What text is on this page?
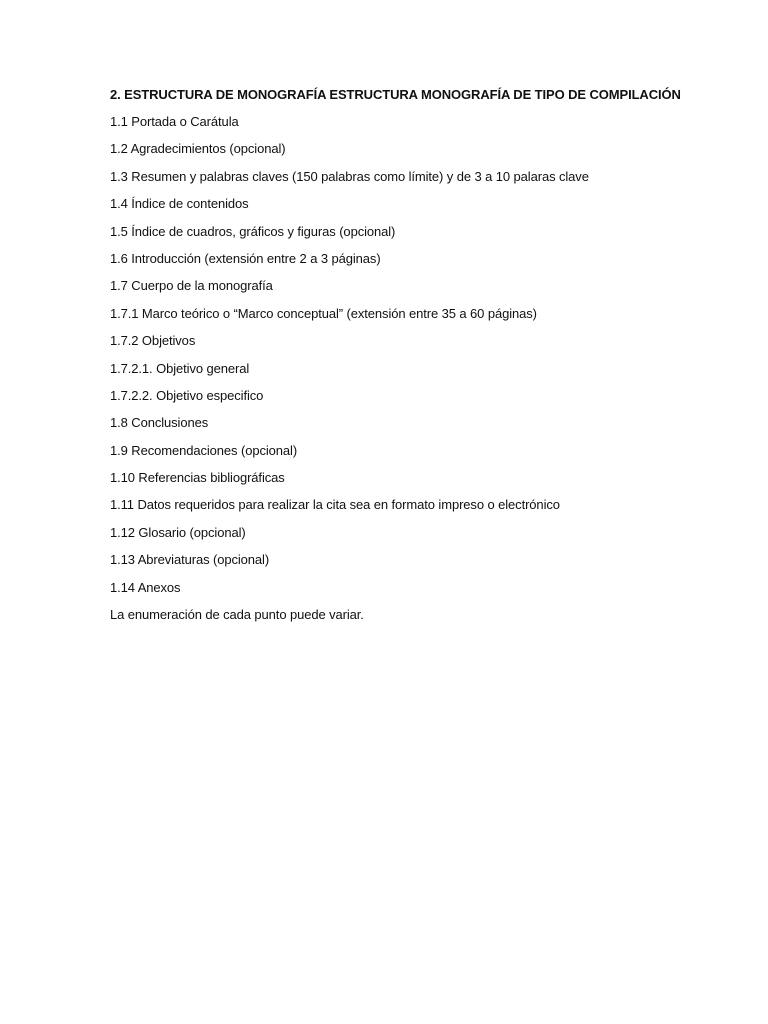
2. ESTRUCTURA DE MONOGRAFÍA ESTRUCTURA MONOGRAFÍA DE TIPO DE COMPILACIÓN
1.1 Portada o Carátula
1.2 Agradecimientos (opcional)
1.3 Resumen y palabras claves (150 palabras como límite) y de 3 a 10 palaras clave
1.4 Índice de contenidos
1.5 Índice de cuadros, gráficos y figuras (opcional)
1.6 Introducción (extensión entre 2 a 3 páginas)
1.7 Cuerpo de la monografía
1.7.1 Marco teórico o “Marco conceptual” (extensión entre 35 a 60 páginas)
1.7.2 Objetivos
1.7.2.1. Objetivo general
1.7.2.2. Objetivo especifico
1.8 Conclusiones
1.9 Recomendaciones (opcional)
1.10 Referencias bibliográficas
1.11 Datos requeridos para realizar la cita sea en formato impreso o electrónico
1.12 Glosario (opcional)
1.13 Abreviaturas (opcional)
1.14 Anexos
La enumeración de cada punto puede variar.
